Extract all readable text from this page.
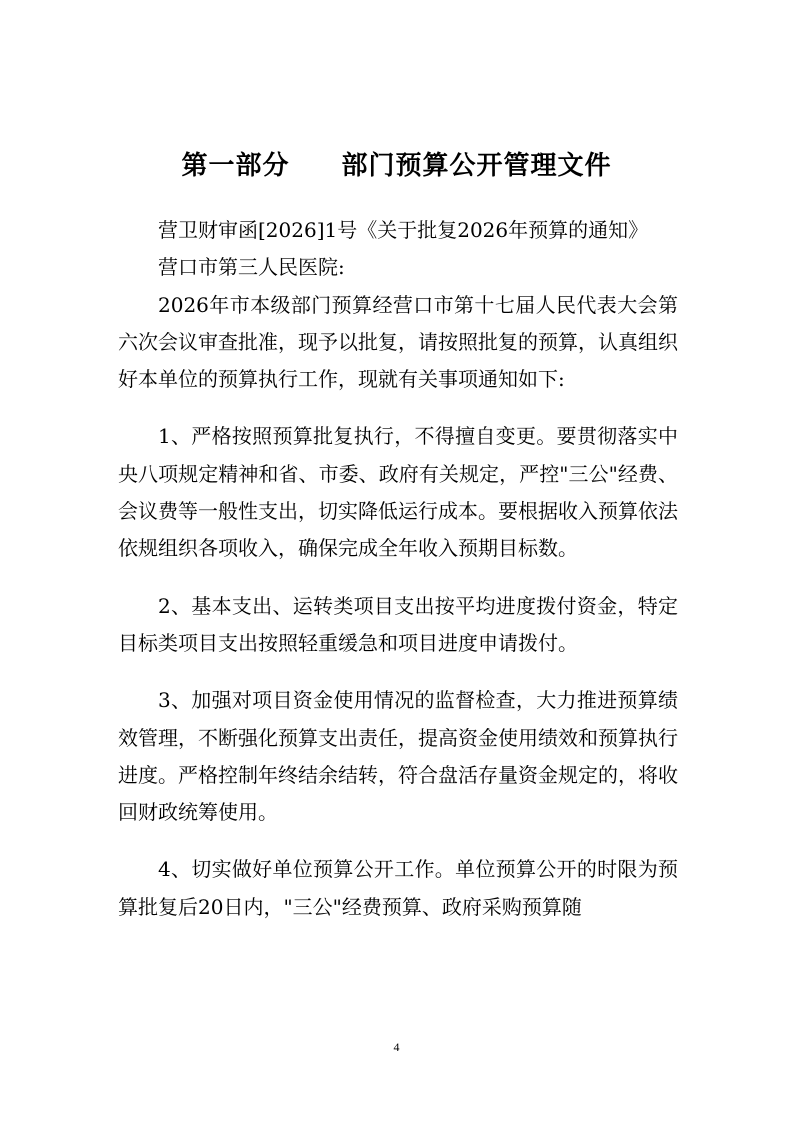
第一部分 部门预算公开管理文件

营卫财审函[2026]1号《关于批复2026年预算的通知》

营口市第三人民医院:

2026年市本级部门预算经营口市第十七届人民代表大会第六次会议审查批准，现予以批复，请按照批复的预算，认真组织好本单位的预算执行工作，现就有关事项通知如下:

1、严格按照预算批复执行，不得擅自变更。要贯彻落实中央八项规定精神和省、市委、政府有关规定，严控"三公"经费、会议费等一般性支出，切实降低运行成本。要根据收入预算依法依规组织各项收入，确保完成全年收入预期目标数。

2、基本支出、运转类项目支出按平均进度拨付资金，特定目标类项目支出按照轻重缓急和项目进度申请拨付。

3、加强对项目资金使用情况的监督检查，大力推进预算绩效管理，不断强化预算支出责任，提高资金使用绩效和预算执行进度。严格控制年终结余结转，符合盘活存量资金规定的，将收回财政统筹使用。

4、切实做好单位预算公开工作。单位预算公开的时限为预算批复后20日内，"三公"经费预算、政府采购预算随

4
